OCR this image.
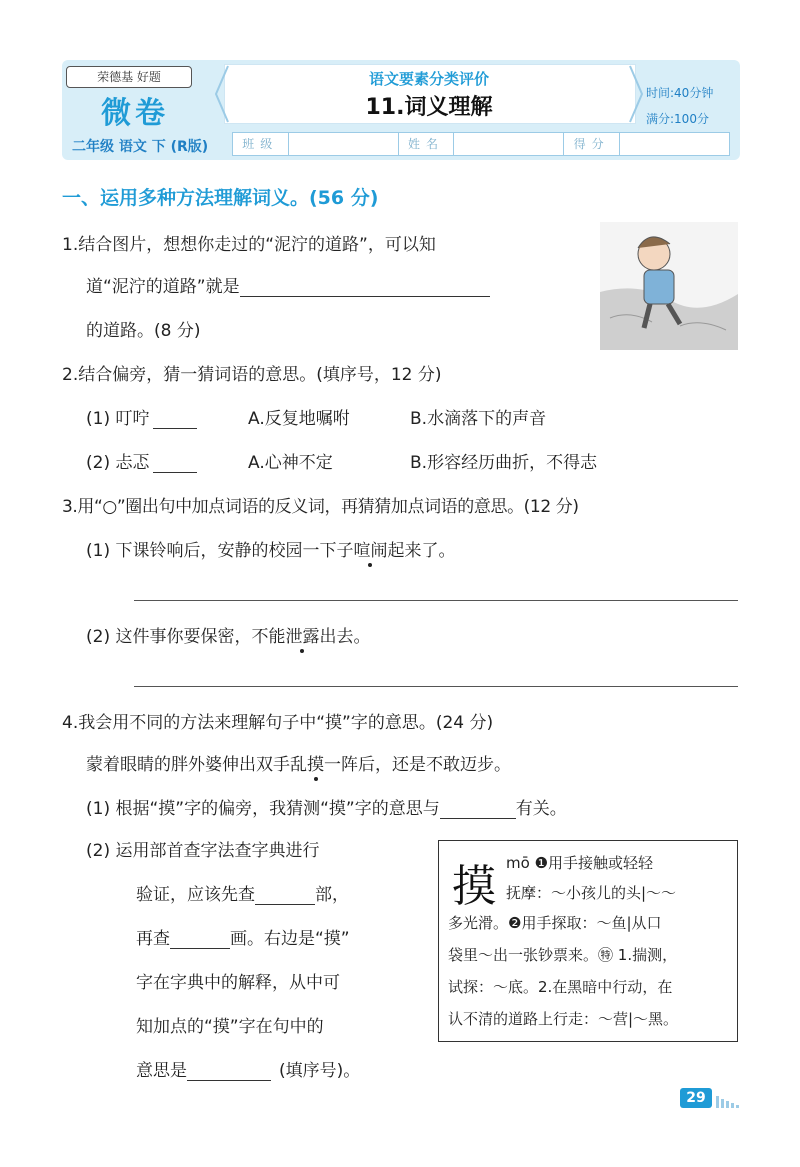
荣德基 好题
微卷
二年级 语文 下 (R版)
语文要素分类评价
11.词义理解
时间:40分钟
满分:100分
班级	姓名	得分
一、运用多种方法理解词义。(56 分)
1.结合图片，想想你走过的“泥泞的道路”，可以知
道“泥泞的道路”就是
的道路。(8 分)
2.结合偏旁，猜一猜词语的意思。(填序号，12 分)
(1) 叮咛	A.反复地嘱咐	B.水滴落下的声音
(2) 忐忑	A.心神不定	B.形容经历曲折，不得志
3.用“○”圈出句中加点词语的反义词，再猜猜加点词语的意思。(12 分)
(1) 下课铃响后，安静的校园一下子喧闹起来了。
(2) 这件事你要保密，不能泄露出去。
4.我会用不同的方法来理解句子中“摸”字的意思。(24 分)
蒙着眼睛的胖外婆伸出双手乱摸一阵后，还是不敢迈步。
(1) 根据“摸”字的偏旁，我猜测“摸”字的意思与	有关。
(2) 运用部首查字法查字典进行
验证，应该先查	部，
再查	画。右边是“摸”
字在字典中的解释，从中可
知加点的“摸”字在句中的
意思是	(填序号)。
摸 mō ❶用手接触或轻轻
抚摩：～小孩儿的头|～～
多光滑。❷用手探取：～鱼|从口
袋里～出一张钞票来。㊕ 1.揣测，
试探：～底。2.在黑暗中行动，在
认不清的道路上行走：～营|～黑。
29
